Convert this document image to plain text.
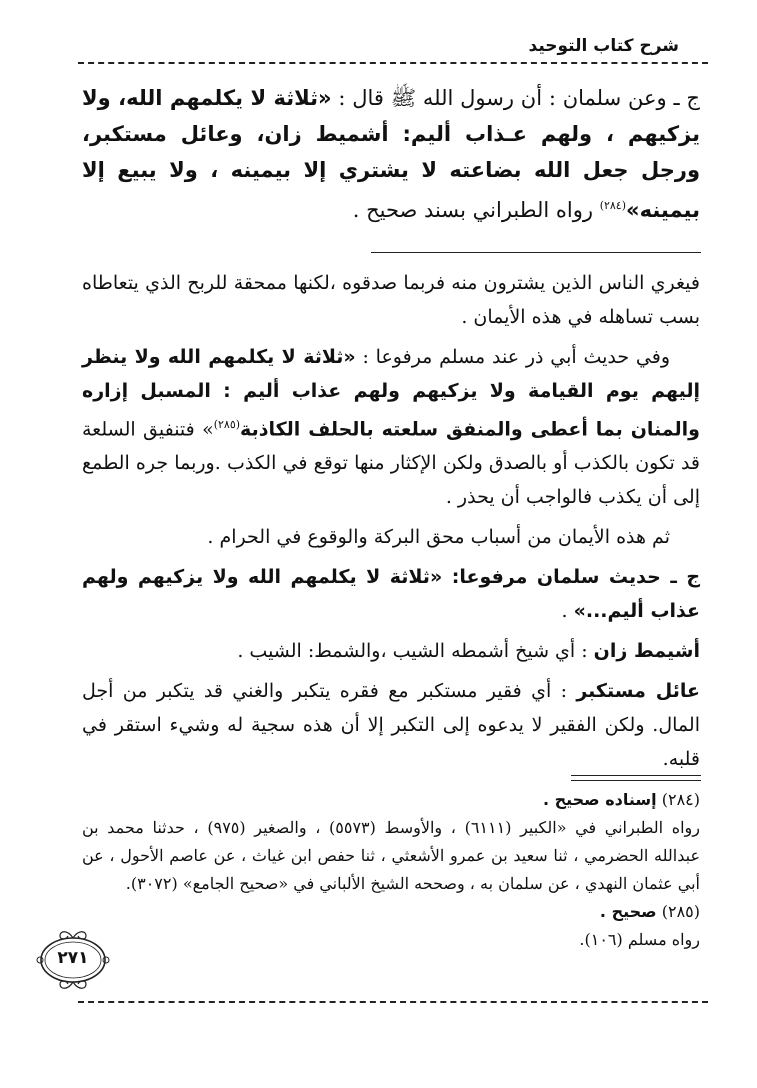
شرح كتاب التوحيد
ج ـ وعن سلمان : أن رسول الله ﷺ قال : «ثلاثة لا يكلمهم الله، ولا يزكيهم ، ولهم عـذاب أليم: أشميط زان، وعائل مستكبر، ورجل جعل الله بضاعته لا يشتري إلا بيمينه ، ولا يبيع إلا بيمينه»$^{(٢٨٤)}$ رواه الطبراني بسند صحيح .

فيغري الناس الذين يشترون منه فربما صدقوه ،لكنها ممحقة للربح الذي يتعاطاه بسب تساهله في هذه الأيمان .

وفي حديث أبي ذر عند مسلم مرفوعا : «ثلاثة لا يكلمهم الله ولا ينظر إليهم يوم القيامة ولا يزكيهم ولهم عذاب أليم : المسبل إزاره والمنان بما أعطى والمنفق سلعته بالحلف الكاذبة$^{(٢٨٥)}$» فتنفيق السلعة قد تكون بالكذب أو بالصدق ولكن الإكثار منها توقع في الكذب .وربما جره الطمع إلى أن يكذب فالواجب أن يحذر .

ثم هذه الأيمان من أسباب محق البركة والوقوع في الحرام .

ج ـ حديث سلمان مرفوعا: «ثلاثة لا يكلمهم الله ولا يزكيهم ولهم عذاب أليم...» .

أشيمط زان : أي شيخ أشمطه الشيب ،والشمط: الشيب .

عائل مستكبر : أي فقير مستكبر مع فقره يتكبر والغني قد يتكبر من أجل المال. ولكن الفقير لا يدعوه إلى التكبر إلا أن هذه سجية له وشيء استقر في قلبه.

(٢٨٤) إسناده صحيح .
رواه الطبراني في «الكبير (٦١١١) ، والأوسط (٥٥٧٣) ، والصغير (٩٧٥) ، حدثنا محمد بن عبدالله الحضرمي ، ثنا سعيد بن عمرو الأشعثي ، ثنا حفص ابن غياث ، عن عاصم الأحول ، عن أبي عثمان النهدي ، عن سلمان به ، وصححه الشيخ الألباني في «صحيح الجامع» (٣٠٧٢).
(٢٨٥) صحيح .
رواه مسلم (١٠٦).
٢٧١
